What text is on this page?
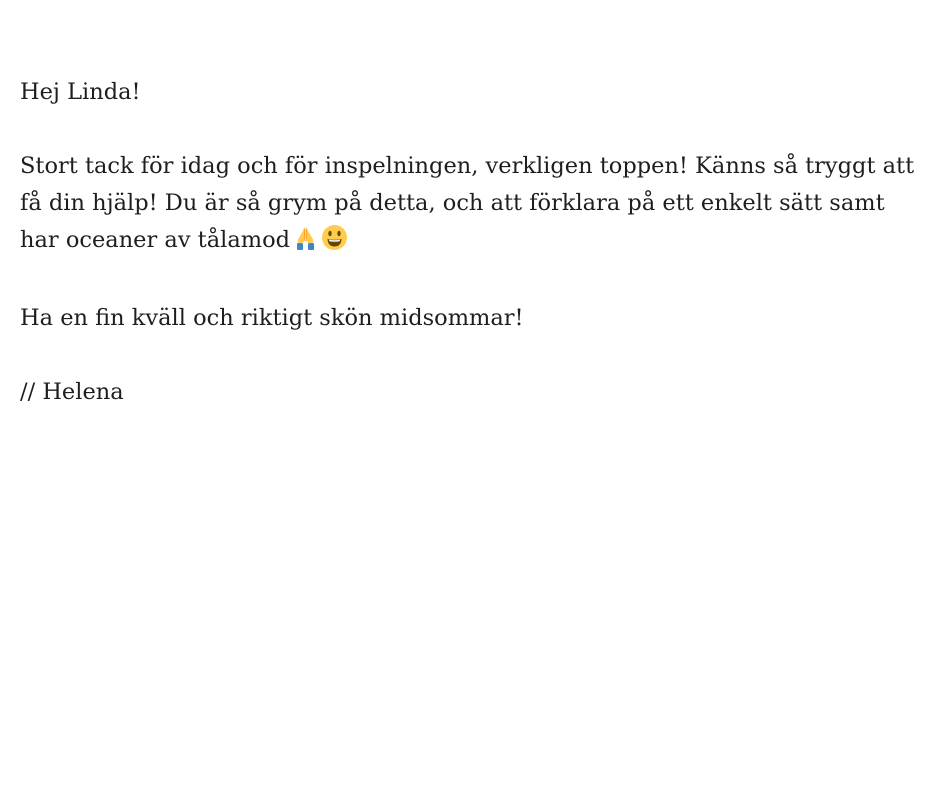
Hej Linda!

Stort tack för idag och för inspelningen, verkligen toppen! Känns så tryggt att få din hjälp! Du är så grym på detta, och att förklara på ett enkelt sätt samt har oceaner av tålamod

Ha en fin kväll och riktigt skön midsommar!

// Helena
